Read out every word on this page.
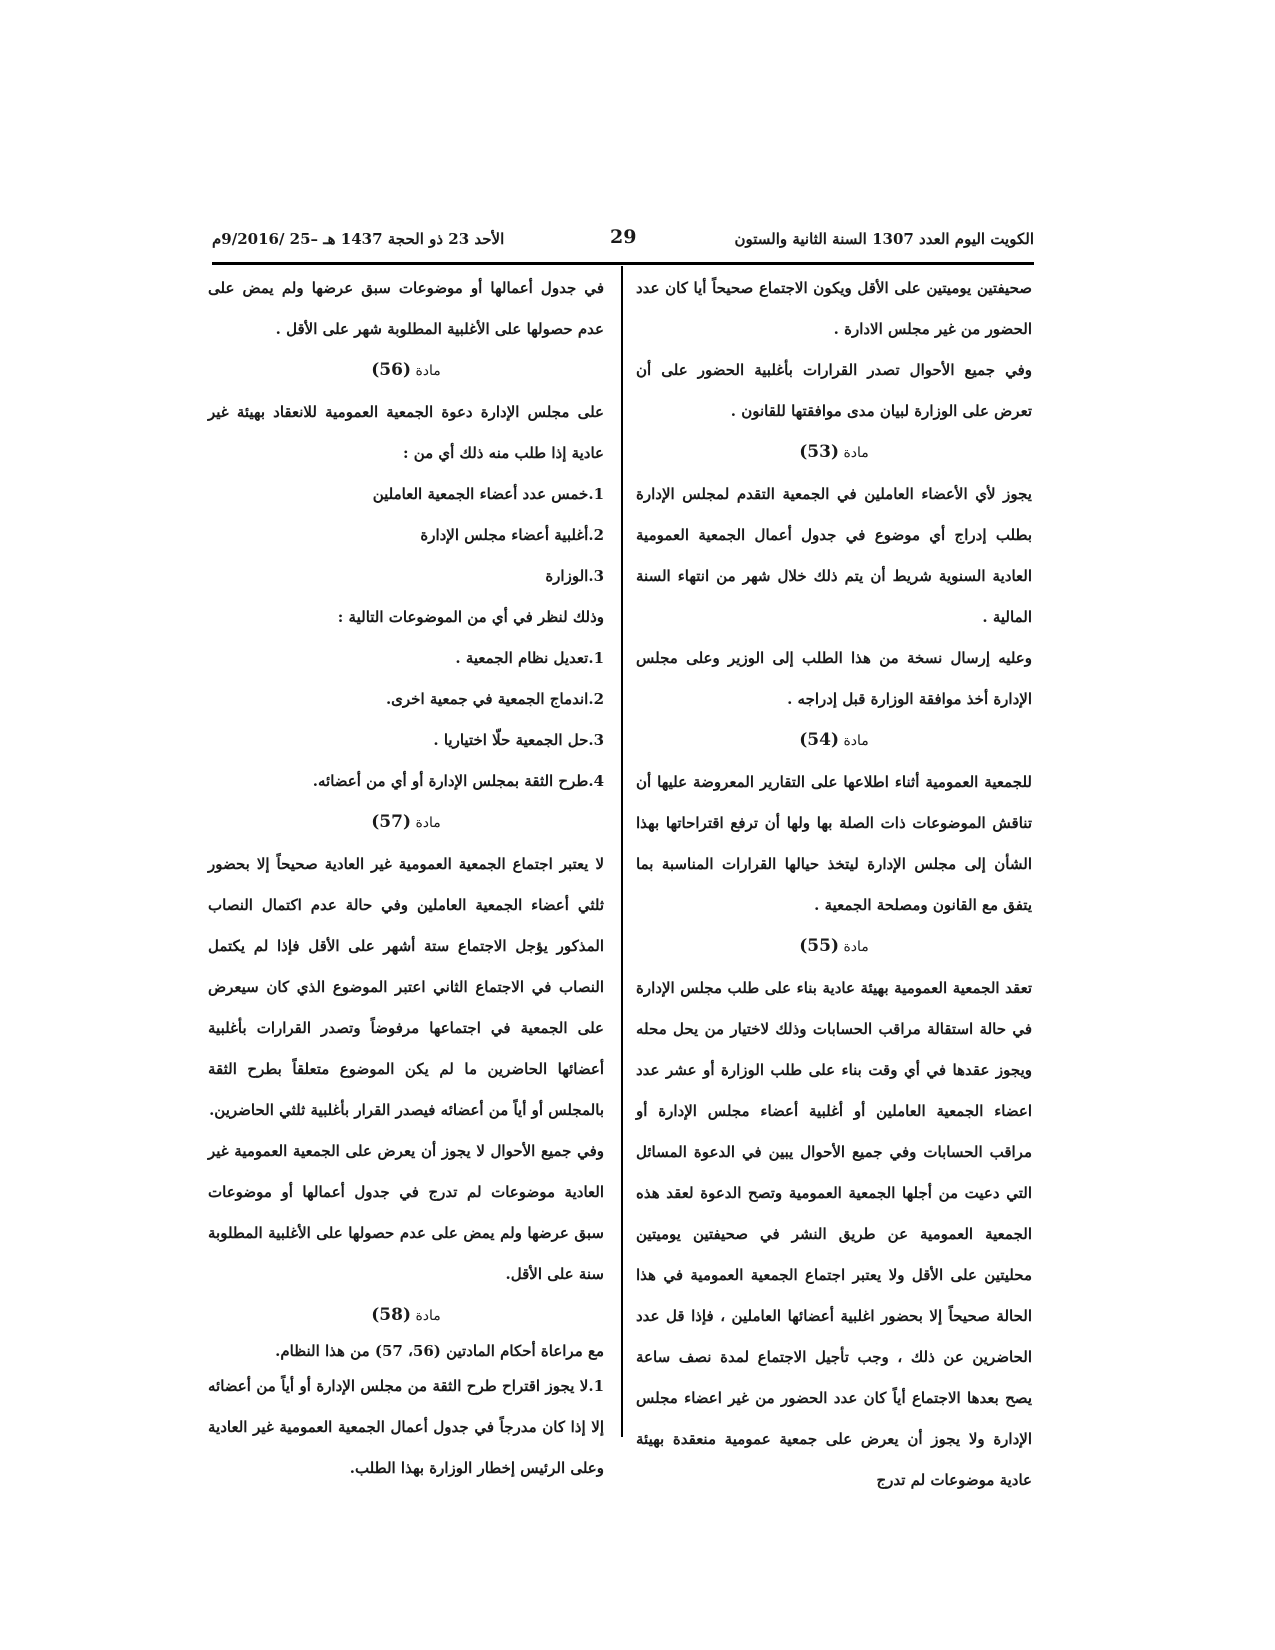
الكويت اليوم العدد 1307 السنة الثانية والستون
29
الأحد 23 ذو الحجة 1437 هـ –25 /9/2016م

صحيفتين يوميتين على الأقل ويكون الاجتماع صحيحاً أيا كان عدد الحضور من غير مجلس الادارة .

وفي جميع الأحوال تصدر القرارات بأغلبية الحضور على أن تعرض على الوزارة لبيان مدى موافقتها للقانون .

مادة (53)

يجوز لأي الأعضاء العاملين في الجمعية التقدم لمجلس الإدارة بطلب إدراج أي موضوع في جدول أعمال الجمعية العمومية العادية السنوية شريط أن يتم ذلك خلال شهر من انتهاء السنة المالية .

وعليه إرسال نسخة من هذا الطلب إلى الوزير وعلى مجلس الإدارة أخذ موافقة الوزارة قبل إدراجه .

مادة (54)

للجمعية العمومية أثناء اطلاعها على التقارير المعروضة عليها أن تناقش الموضوعات ذات الصلة بها ولها أن ترفع اقتراحاتها بهذا الشأن إلى مجلس الإدارة ليتخذ حيالها القرارات المناسبة بما يتفق مع القانون ومصلحة الجمعية .

مادة (55)

تعقد الجمعية العمومية بهيئة عادية بناء على طلب مجلس الإدارة في حالة استقالة مراقب الحسابات وذلك لاختيار من يحل محله ويجوز عقدها في أي وقت بناء على طلب الوزارة أو عشر عدد اعضاء الجمعية العاملين أو أغلبية أعضاء مجلس الإدارة أو مراقب الحسابات وفي جميع الأحوال يبين في الدعوة المسائل التي دعيت من أجلها الجمعية العمومية وتصح الدعوة لعقد هذه الجمعية العمومية عن طريق النشر في صحيفتين يوميتين محليتين على الأقل ولا يعتبر اجتماع الجمعية العمومية في هذا الحالة صحيحاً إلا بحضور اغلبية أعضائها العاملين ، فإذا قل عدد الحاضرين عن ذلك ، وجب تأجيل الاجتماع لمدة نصف ساعة يصح بعدها الاجتماع أياً كان عدد الحضور من غير اعضاء مجلس الإدارة ولا يجوز أن يعرض على جمعية عمومية منعقدة بهيئة عادية موضوعات لم تدرج

في جدول أعمالها أو موضوعات سبق عرضها ولم يمض على عدم حصولها على الأغلبية المطلوبة شهر على الأقل .

مادة (56)

على مجلس الإدارة دعوة الجمعية العمومية للانعقاد بهيئة غير عادية إذا طلب منه ذلك أي من :

1.خمس عدد أعضاء الجمعية العاملين

2.أغلبية أعضاء مجلس الإدارة

3.الوزارة

وذلك لنظر في أي من الموضوعات التالية :

1.تعديل نظام الجمعية .

2.اندماج الجمعية في جمعية اخرى.

3.حل الجمعية حلّا اختياريا .

4.طرح الثقة بمجلس الإدارة أو أي من أعضائه.

مادة (57)

لا يعتبر اجتماع الجمعية العمومية غير العادية صحيحاً إلا بحضور ثلثي أعضاء الجمعية العاملين وفي حالة عدم اكتمال النصاب المذكور يؤجل الاجتماع ستة أشهر على الأقل فإذا لم يكتمل النصاب في الاجتماع الثاني اعتبر الموضوع الذي كان سيعرض على الجمعية في اجتماعها مرفوضاً وتصدر القرارات بأغلبية أعضائها الحاضرين ما لم يكن الموضوع متعلقاً بطرح الثقة بالمجلس أو أياً من أعضائه فيصدر القرار بأغلبية ثلثي الحاضرين.

وفي جميع الأحوال لا يجوز أن يعرض على الجمعية العمومية غير العادية موضوعات لم تدرج في جدول أعمالها أو موضوعات سبق عرضها ولم يمض على عدم حصولها على الأغلبية المطلوبة سنة على الأقل.

مادة (58)

مع مراعاة أحكام المادتين (56، 57) من هذا النظام.

1.لا يجوز اقتراح طرح الثقة من مجلس الإدارة أو أياً من أعضائه إلا إذا كان مدرجاً في جدول أعمال الجمعية العمومية غير العادية وعلى الرئيس إخطار الوزارة بهذا الطلب.
